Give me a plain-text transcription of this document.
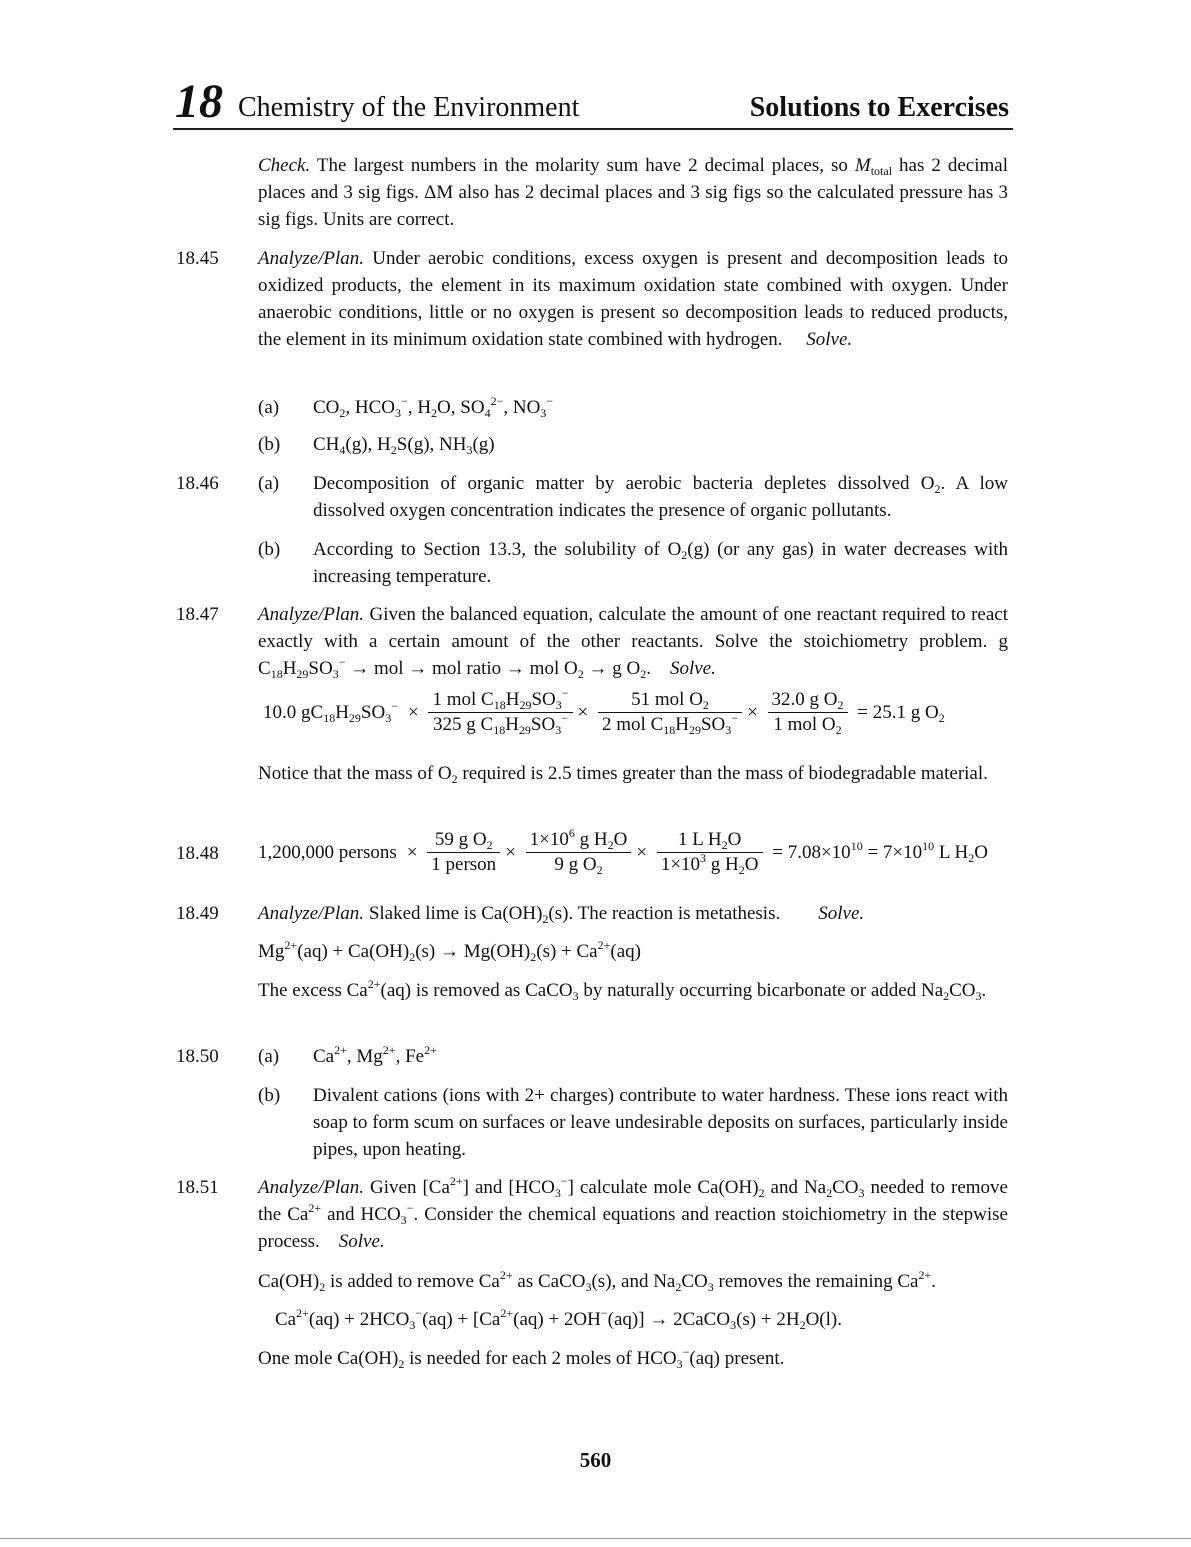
18 Chemistry of the Environment	Solutions to Exercises
Check. The largest numbers in the molarity sum have 2 decimal places, so $M_{total}$ has 2 decimal places and 3 sig figs. ΔM also has 2 decimal places and 3 sig figs so the calculated pressure has 3 sig figs. Units are correct.
18.45 Analyze/Plan. Under aerobic conditions, excess oxygen is present and decomposition leads to oxidized products, the element in its maximum oxidation state combined with oxygen. Under anaerobic conditions, little or no oxygen is present so decomposition leads to reduced products, the element in its minimum oxidation state combined with hydrogen. Solve.
(a) $CO_2$, $HCO_3^-$, $H_2O$, $SO_4^{2-}$, $NO_3^-$
(b) $CH_4(g)$, $H_2S(g)$, $NH_3(g)$
18.46 (a) Decomposition of organic matter by aerobic bacteria depletes dissolved $O_2$. A low dissolved oxygen concentration indicates the presence of organic pollutants.
(b) According to Section 13.3, the solubility of $O_2(g)$ (or any gas) in water decreases with increasing temperature.
18.47 Analyze/Plan. Given the balanced equation, calculate the amount of one reactant required to react exactly with a certain amount of the other reactants. Solve the stoichiometry problem. g $C_{18}H_{29}SO_3^-$ → mol → mol ratio → mol $O_2 \to g$ $O_2$.    Solve.
10.0 $gC_{18}H_{29}SO_3^- \times \frac{1 mol C_{18}H_{29}SO_3^-}{325 g C_{18}H_{29}SO_3^-} \times \frac{51 mol O_2}{2 mol C_{18}H_{29}SO_3^-} \times \frac{32.0 g O_2}{1 mol O_2} = 25.1$ g $O_2$
Notice that the mass of $O_2$ required is 2.5 times greater than the mass of biodegradable material.
18.48 1,200,000 persons × $\frac{59 g O_2}{\text{1 person}} \times \frac{1\times 10^6 g H_2O}{9 g O_2} \times \frac{1 L H_2O}{1\times 10^3 g H_2O} = 7.08\times 10^{10} = 7\times 10^{10}$ L $H_2O$
18.49 Analyze/Plan. Slaked lime is $Ca(OH)_2(s)$. The reaction is metathesis. Solve.
$Mg^{2+}(aq) + Ca(OH)_2(s) \to Mg(OH)_2(s) + Ca^{2+}(aq)$
The excess $Ca^{2+}(aq)$ is removed as CaCO$_3$ by naturally occurring bicarbonate or added $Na_2CO_3$.
18.50 (a) $Ca^{2+}$, $Mg^{2+}$, $Fe^{2+}$
(b) Divalent cations (ions with 2+ charges) contribute to water hardness. These ions react with soap to form scum on surfaces or leave undesirable deposits on surfaces, particularly inside pipes, upon heating.
18.51 Analyze/Plan. Given $[Ca^{2+}]$ and $[HCO_3^-]$ calculate mole $Ca(OH)_2$ and $Na_2CO_3$ needed to remove the $Ca^{2+}$ and $HCO_3^-$. Consider the chemical equations and reaction stoichiometry in the stepwise process. Solve.
$Ca(OH)_2$ is added to remove $Ca^{2+}$ as CaCO$_3$(s), and $Na_2CO_3$ removes the remaining $Ca^{2+}$.
$Ca^{2+}(aq) + 2HCO_3^-(aq) + [Ca^{2+}(aq) + 2OH^-(aq)]$ → 2CaCO$_3$(s) + $2H_2O(l)$.
One mole $Ca(OH)_2$ is needed for each 2 moles of $HCO_3^-(aq)$ present.
560
